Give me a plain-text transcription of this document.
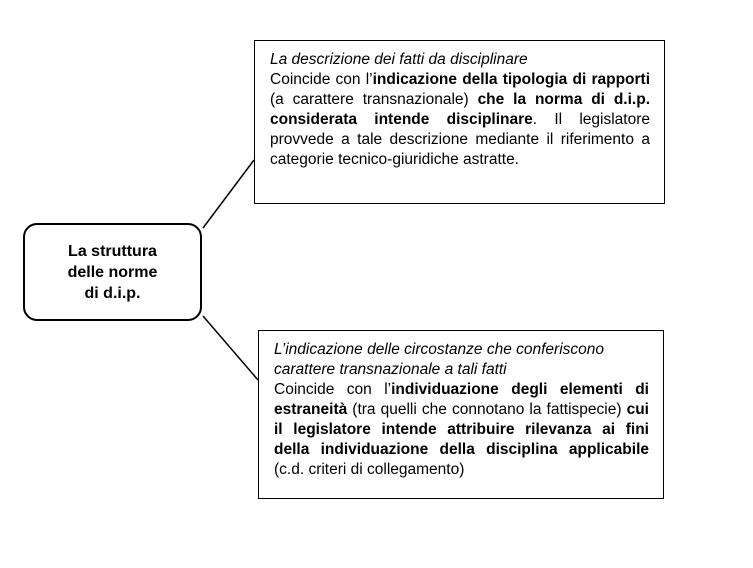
La struttura
delle norme
di d.i.p.
La descrizione dei fatti da disciplinare
Coincide con l’indicazione della tipologia di rapporti (a carattere transnazionale) che la norma di d.i.p. considerata intende disciplinare. Il legislatore provvede a tale descrizione mediante il riferimento a categorie tecnico-giuridiche astratte.
L’indicazione delle circostanze che conferiscono carattere transnazionale a tali fatti
Coincide con l’individuazione degli elementi di estraneità (tra quelli che connotano la fattispecie) cui il legislatore intende attribuire rilevanza ai fini della individuazione della disciplina applicabile (c.d. criteri di collegamento)
